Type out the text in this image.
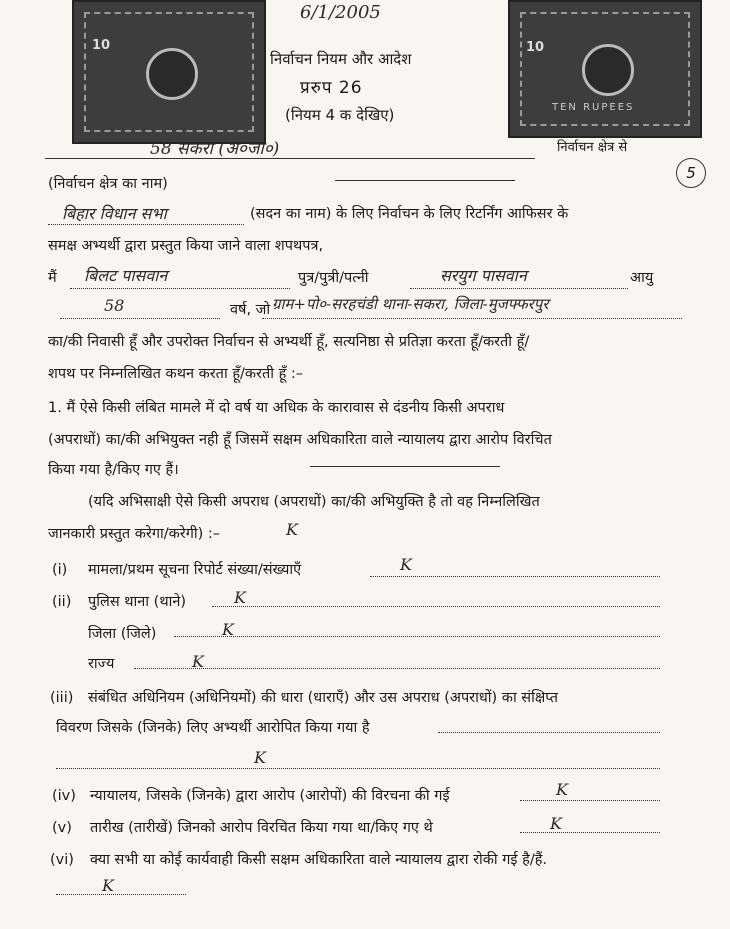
10	10
TEN RUPEES
6/1/2005
निर्वाचन नियम और आदेश
प्ररुप 26
(नियम 4 क देखिए)
58 सकरा (अ०जा०)	निर्वाचन क्षेत्र से
5
(निर्वाचन क्षेत्र का नाम)
बिहार विधान सभा	(सदन का नाम) के लिए निर्वाचन के लिए रिटर्निंग आफिसर के
समक्ष अभ्यर्थी द्वारा प्रस्तुत किया जाने वाला शपथपत्र,
मैं बिलट पासवान	पुत्र/पुत्री/पत्नी	सरयुग पासवान	आयु
58	वर्ष, जो ग्राम+पो०-सरहचंडी थाना-सकरा, जिला-मुजफ्फरपुर
का/की निवासी हूँ और उपरोक्त निर्वाचन से अभ्यर्थी हूँ, सत्यनिष्ठा से प्रतिज्ञा करता हूँ/करती हूँ/
शपथ पर निम्नलिखित कथन करता हूँ/करती हूँ :–
1. मैं ऐसे किसी लंबित मामले में दो वर्ष या अधिक के कारावास से दंडनीय किसी अपराध
(अपराधों) का/की अभियुक्त नही हूँ जिसमें सक्षम अधिकारिता वाले न्यायालय द्वारा आरोप विरचित
किया गया है/किए गए हैं।
(यदि अभिसाक्षी ऐसे किसी अपराध (अपराधों) का/की अभियुक्ति है तो वह निम्नलिखित
जानकारी प्रस्तुत करेगा/करेगी) :–	K
(i) मामला/प्रथम सूचना रिपोर्ट संख्या/संख्याएँ	K
(ii) पुलिस थाना (थाने)	K
जिला (जिले)	K
राज्य	K
(iii) संबंधित अधिनियम (अधिनियमों) की धारा (धाराएँ) और उस अपराध (अपराधों) का संक्षिप्त
विवरण जिसके (जिनके) लिए अभ्यर्थी आरोपित किया गया है
K
(iv) न्यायालय, जिसके (जिनके) द्वारा आरोप (आरोपों) की विरचना की गई	K
(v) तारीख (तारीखें) जिनको आरोप विरचित किया गया था/किए गए थे	K
(vi) क्या सभी या कोई कार्यवाही किसी सक्षम अधिकारिता वाले न्यायालय द्वारा रोकी गई है/हैं.
K
